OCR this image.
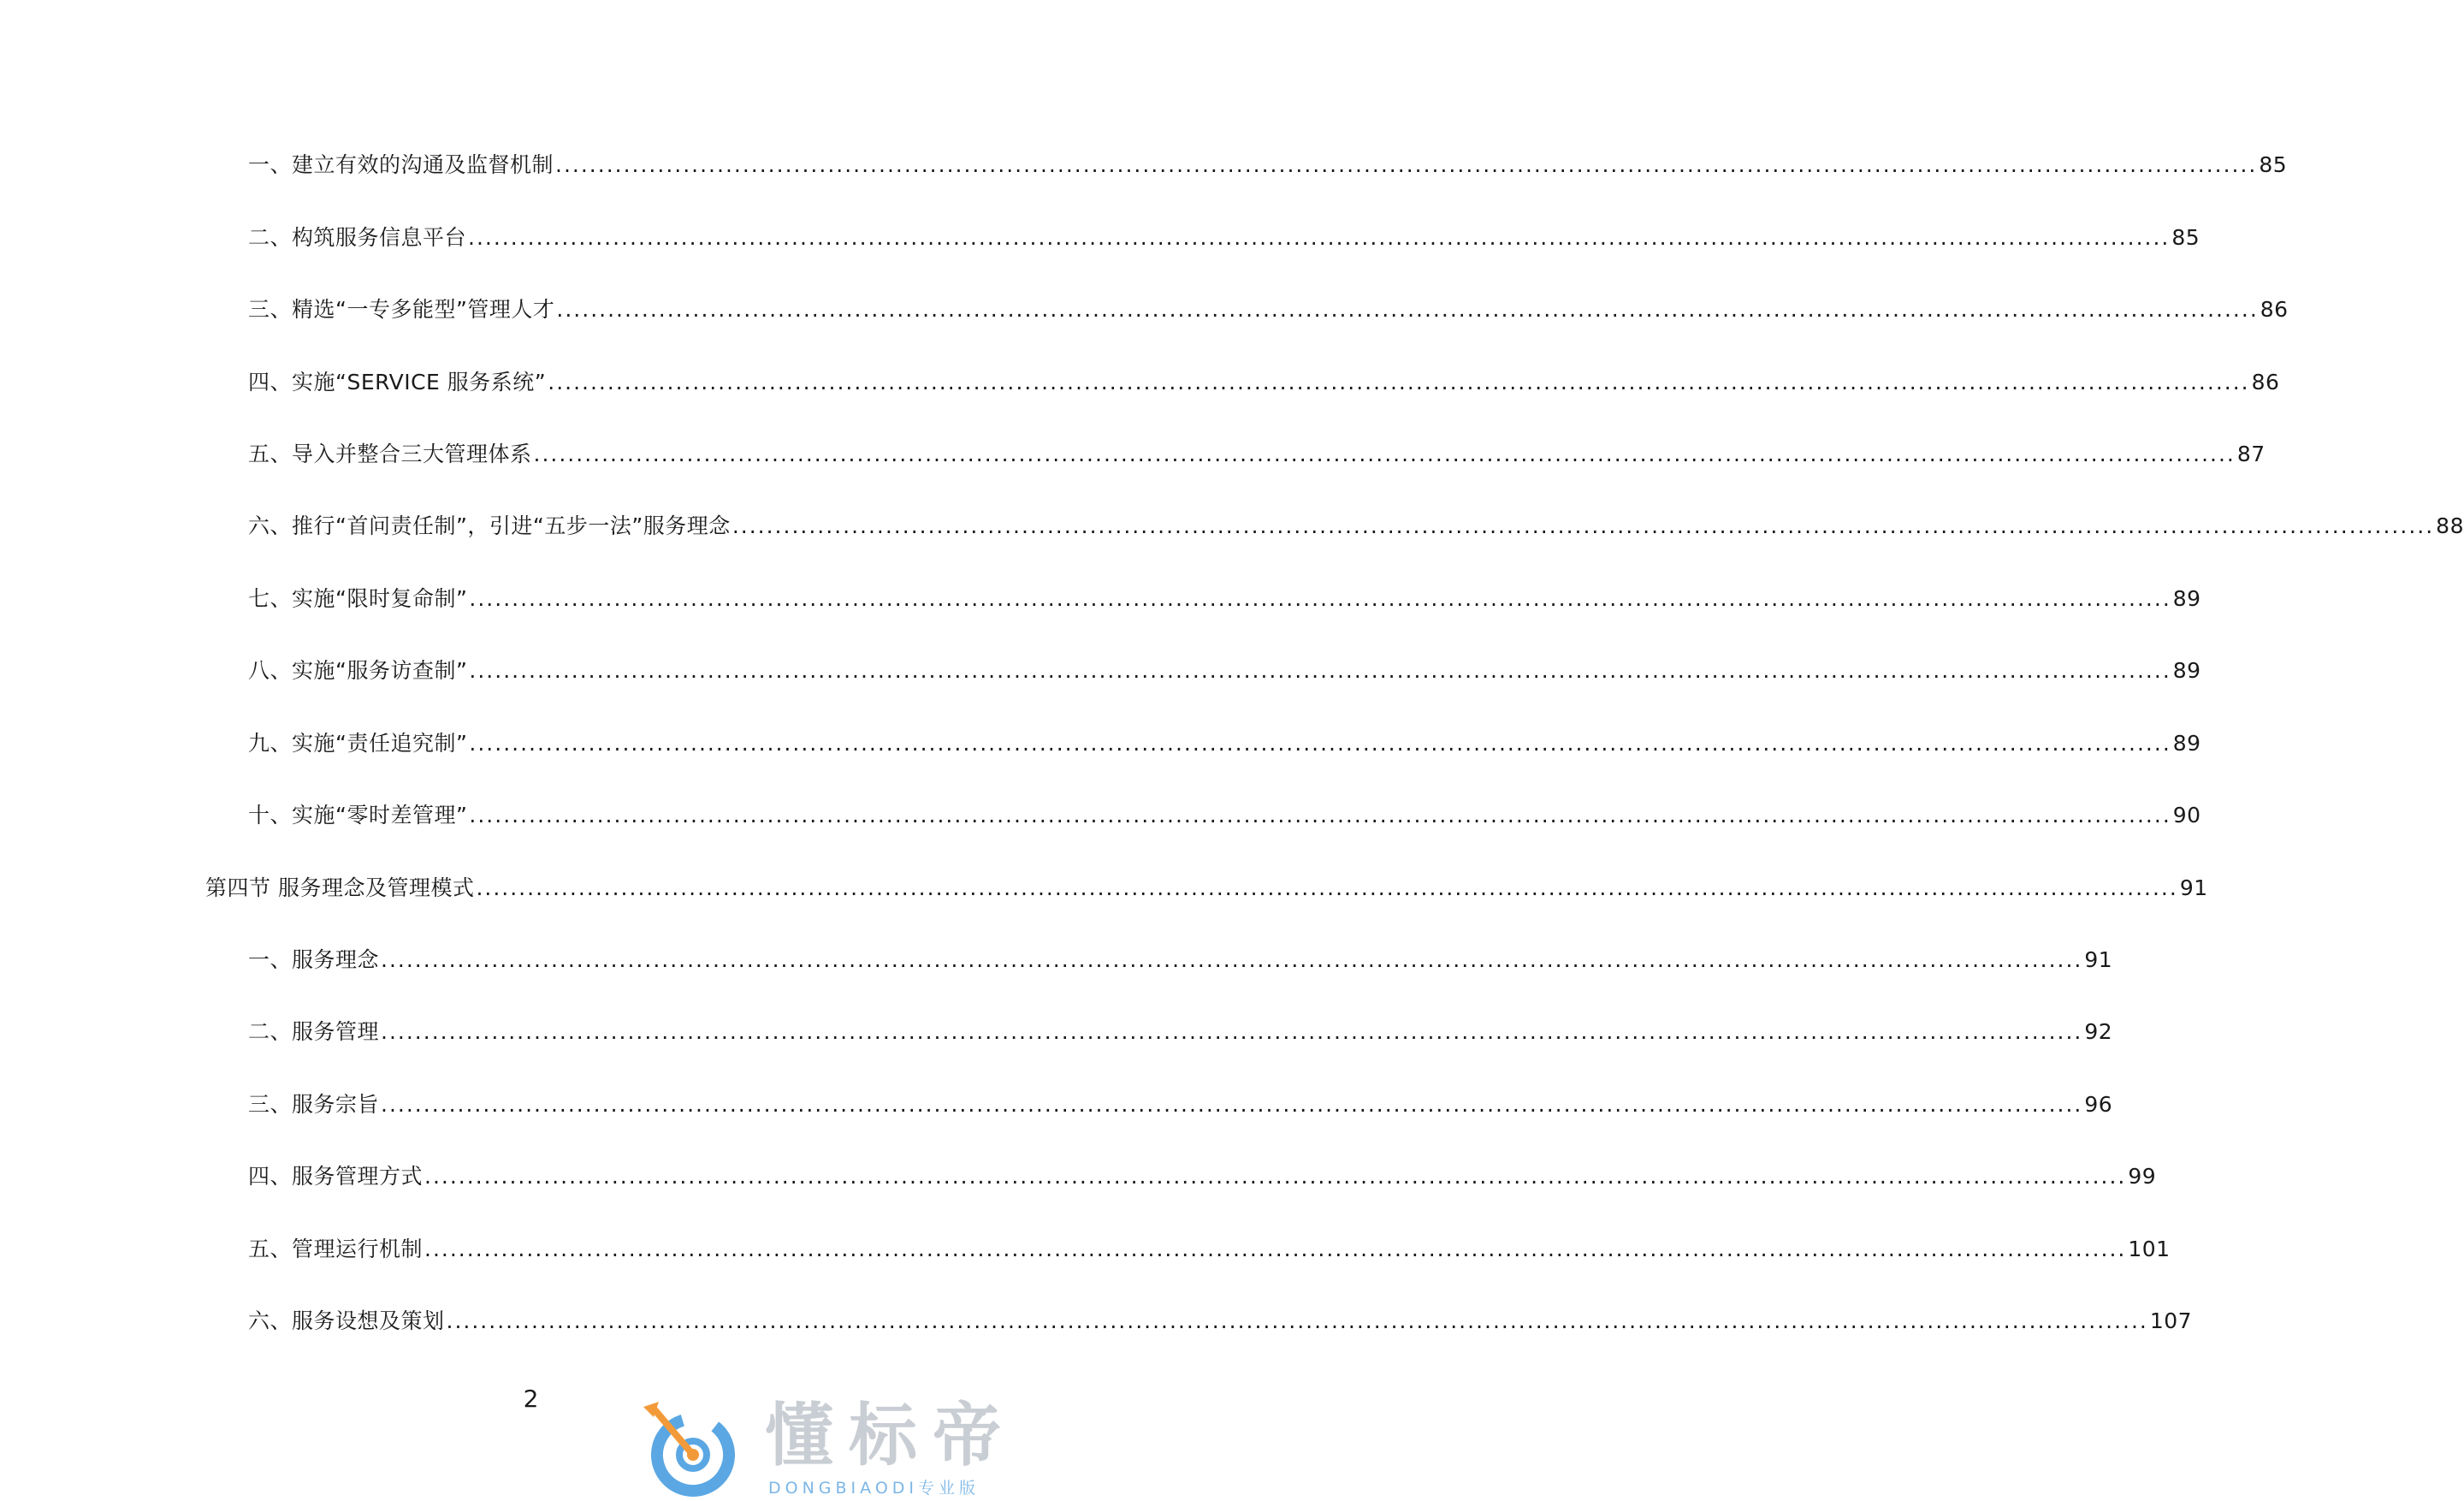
一、建立有效的沟通及监督机制 ........................................................................................................................................................................................................ 85
二、构筑服务信息平台 ........................................................................................................................................................................................................ 85
三、精选“一专多能型”管理人才 ........................................................................................................................................................................................................ 86
四、实施“SERVICE 服务系统” ........................................................................................................................................................................................................ 86
五、导入并整合三大管理体系 ........................................................................................................................................................................................................ 87
六、推行“首问责任制”，引进“五步一法”服务理念 ........................................................................................................................................................................................................ 88
七、实施“限时复命制” ........................................................................................................................................................................................................ 89
八、实施“服务访查制” ........................................................................................................................................................................................................ 89
九、实施“责任追究制” ........................................................................................................................................................................................................ 89
十、实施“零时差管理” ........................................................................................................................................................................................................ 90
第四节 服务理念及管理模式 ........................................................................................................................................................................................................ 91
一、服务理念 ........................................................................................................................................................................................................ 91
二、服务管理 ........................................................................................................................................................................................................ 92
三、服务宗旨 ........................................................................................................................................................................................................ 96
四、服务管理方式 ........................................................................................................................................................................................................ 99
五、管理运行机制 ........................................................................................................................................................................................................ 101
六、服务设想及策划 ........................................................................................................................................................................................................ 107
2	懂标帝
DONGBIAODI专业版
